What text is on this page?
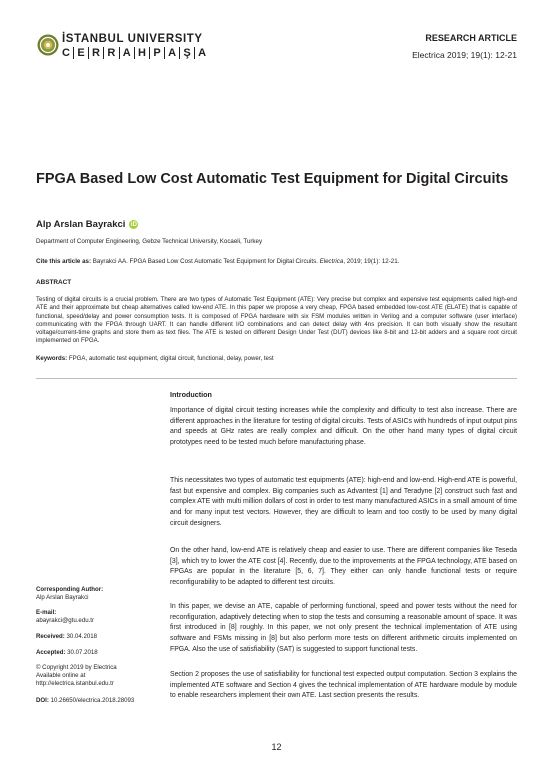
İSTANBUL UNIVERSITY
C E R R A H P A Ş A
RESEARCH ARTICLE
Electrica 2019; 19(1): 12-21
FPGA Based Low Cost Automatic Test Equipment for Digital Circuits
Alp Arslan Bayrakci iD
Department of Computer Engineering, Gebze Technical University, Kocaeli, Turkey
Cite this article as: Bayrakci AA. FPGA Based Low Cost Automatic Test Equipment for Digital Circuits. Electrica, 2019; 19(1): 12-21.
ABSTRACT
Testing of digital circuits is a crucial problem. There are two types of Automatic Test Equipment (ATE): Very precise but complex and expensive test equipments called high-end ATE and their approximate but cheap alternatives called low-end ATE. In this paper we propose a very cheap, FPGA based embedded low-cost ATE (ELATE) that is capable of functional, speed/delay and power consumption tests. It is composed of FPGA hardware with six FSM modules written in Verilog and a computer software (user interface) communicating with the FPGA through UART. It can handle different I/O combinations and can detect delay with 4ns precision. It can both visually show the resultant voltage/current-time graphs and store them as text files. The ATE is tested on different Design Under Test (DUT) devices like 8-bit and 12-bit adders and a square root circuit implemented on FPGA.
Keywords: FPGA, automatic test equipment, digital circuit, functional, delay, power, test
Corresponding Author:
Alp Arslan Bayrakci
E-mail:
abayrakci@gtu.edu.tr
Received: 30.04.2018
Accepted: 30.07.2018
© Copyright 2019 by Electrica
Available online at
http://electrica.istanbul.edu.tr
DOI: 10.26650/electrica.2018.28093
Introduction
Importance of digital circuit testing increases while the complexity and difficulty to test also increase. There are different approaches in the literature for testing of digital circuits. Tests of ASICs with hundreds of input output pins and speeds at GHz rates are really complex and difficult. On the other hand many types of digital circuit prototypes need to be tested much before manufacturing phase.
This necessitates two types of automatic test equipments (ATE): high-end and low-end. High-end ATE is powerful, fast but expensive and complex. Big companies such as Advantest [1] and Teradyne [2] construct such fast and complex ATE with multi million dollars of cost in order to test many manufactured ASICs in a small amount of time and for many input test vectors. However, they are difficult to learn and too costly to be used by many digital circuit designers.
On the other hand, low-end ATE is relatively cheap and easier to use. There are different companies like Teseda [3], which try to lower the ATE cost [4]. Recently, due to the improvements at the FPGA technology, ATE based on FPGAs are popular in the literature [5, 6, 7]. They either can only handle functional tests or require reconfigurability to be adapted to different test circuits.
In this paper, we devise an ATE, capable of performing functional, speed and power tests without the need for reconfiguration, adaptively detecting when to stop the tests and consuming a reasonable amount of space. It was first introduced in [8] roughly. In this paper, we not only present the technical implementation of ATE using software and FSMs missing in [8] but also perform more tests on different arithmetic circuits implemented on FPGA. Also the use of satisfiability (SAT) is suggested to support functional tests.
Section 2 proposes the use of satisfiability for functional test expected output computation. Section 3 explains the implemented ATE software and Section 4 gives the technical implementation of ATE hardware module by module to enable researchers implement their own ATE. Last section presents the results.
12
